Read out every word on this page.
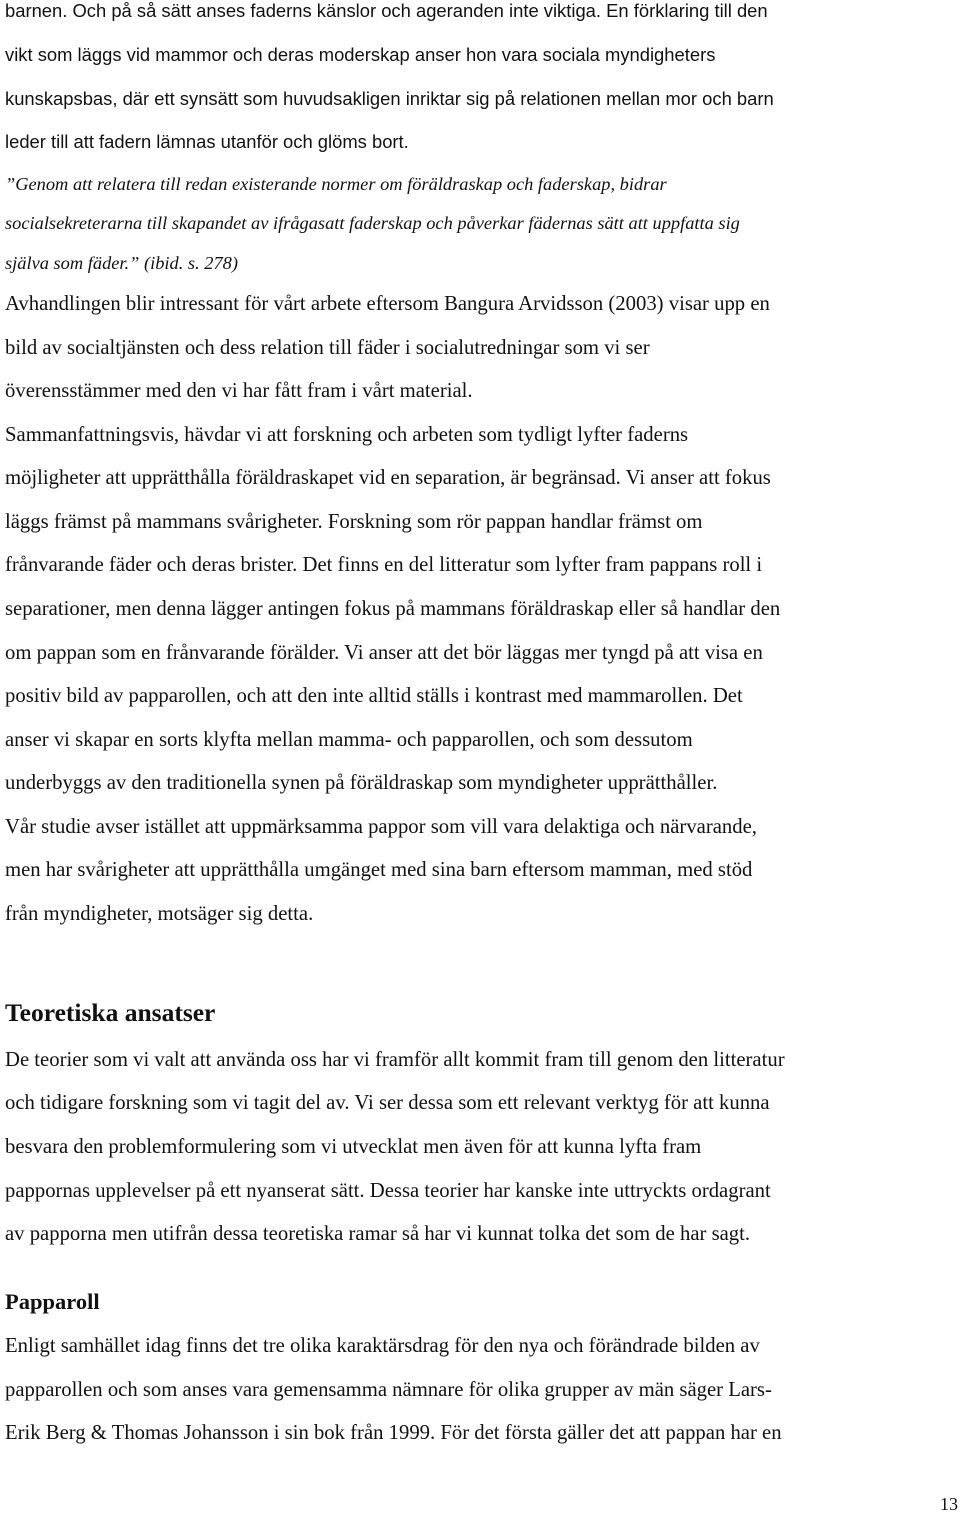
barnen. Och på så sätt anses faderns känslor och ageranden inte viktiga. En förklaring till den
vikt som läggs vid mammor och deras moderskap anser hon vara sociala myndigheters
kunskapsbas, där ett synsätt som huvudsakligen inriktar sig på relationen mellan mor och barn
leder till att fadern lämnas utanför och glöms bort.
”Genom att relatera till redan existerande normer om föräldraskap och faderskap, bidrar
socialsekreterarna till skapandet av ifrågasatt faderskap och påverkar fädernas sätt att uppfatta sig
själva som fäder.” (ibid. s. 278)
Avhandlingen blir intressant för vårt arbete eftersom Bangura Arvidsson (2003) visar upp en
bild av socialtjänsten och dess relation till fäder i socialutredningar som vi ser
överensstämmer med den vi har fått fram i vårt material.
Sammanfattningsvis, hävdar vi att forskning och arbeten som tydligt lyfter faderns
möjligheter att upprätthålla föräldraskapet vid en separation, är begränsad. Vi anser att fokus
läggs främst på mammans svårigheter. Forskning som rör pappan handlar främst om
frånvarande fäder och deras brister. Det finns en del litteratur som lyfter fram pappans roll i
separationer, men denna lägger antingen fokus på mammans föräldraskap eller så handlar den
om pappan som en frånvarande förälder. Vi anser att det bör läggas mer tyngd på att visa en
positiv bild av papparollen, och att den inte alltid ställs i kontrast med mammarollen. Det
anser vi skapar en sorts klyfta mellan mamma- och papparollen, och som dessutom
underbyggs av den traditionella synen på föräldraskap som myndigheter upprätthåller.
Vår studie avser istället att uppmärksamma pappor som vill vara delaktiga och närvarande,
men har svårigheter att upprätthålla umgänget med sina barn eftersom mamman, med stöd
från myndigheter, motsäger sig detta.
Teoretiska ansatser
De teorier som vi valt att använda oss har vi framför allt kommit fram till genom den litteratur
och tidigare forskning som vi tagit del av. Vi ser dessa som ett relevant verktyg för att kunna
besvara den problemformulering som vi utvecklat men även för att kunna lyfta fram
pappornas upplevelser på ett nyanserat sätt. Dessa teorier har kanske inte uttryckts ordagrant
av papporna men utifrån dessa teoretiska ramar så har vi kunnat tolka det som de har sagt.
Papparoll
Enligt samhället idag finns det tre olika karaktärsdrag för den nya och förändrade bilden av
papparollen och som anses vara gemensamma nämnare för olika grupper av män säger Lars-
Erik Berg & Thomas Johansson i sin bok från 1999. För det första gäller det att pappan har en
13
